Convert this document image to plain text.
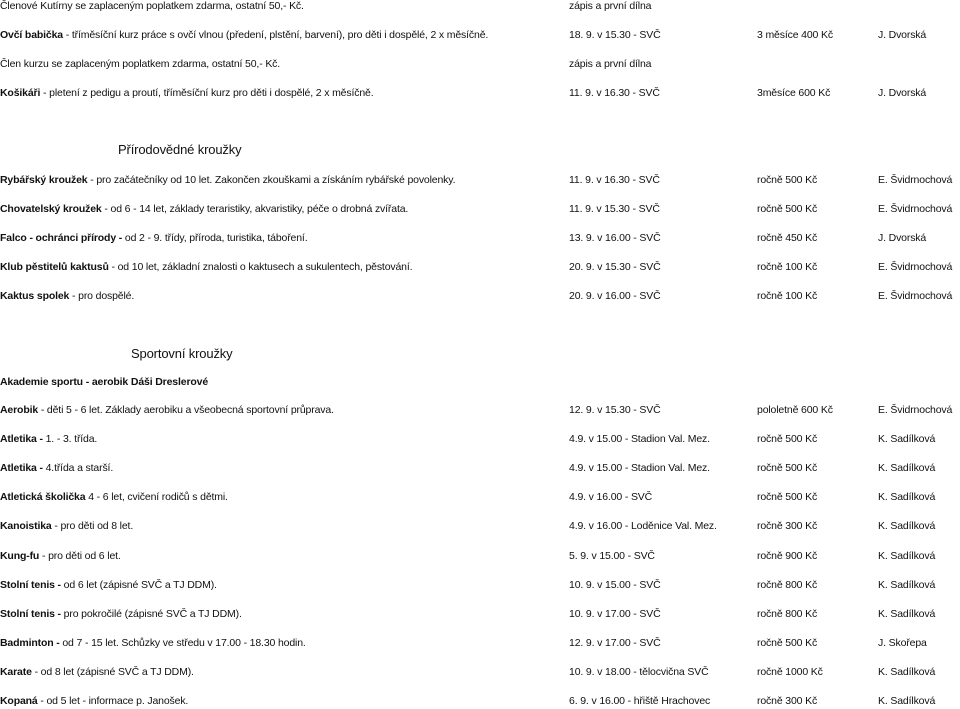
Přírodovědné kroužky
Sportovní kroužky
Akademie sportu - aerobik Dáši Dreslerové
Členové Kutírny se zaplaceným poplatkem zdarma, ostatní 50,- Kč.	zápis a první dílna
Ovčí babička - tříměsíční kurz práce s ovčí vlnou (předení, plstění, barvení), pro děti i dospělé, 2 x měsíčně.	18. 9. v 15.30 - SVČ	3 měsíce 400 Kč	J. Dvorská
Člen kurzu se zaplaceným poplatkem zdarma, ostatní 50,- Kč.	zápis a první dílna
Košikáři - pletení z pedigu a proutí, tříměsíční kurz pro děti i dospělé, 2 x měsíčně.	11. 9. v 16.30 - SVČ	3měsíce 600 Kč	J. Dvorská
Rybářský kroužek - pro začátečníky od 10 let. Zakončen zkouškami a získáním rybářské povolenky.	11. 9. v 16.30 - SVČ	ročně 500 Kč	E. Švidrnochová
Chovatelský kroužek - od 6 - 14 let, základy teraristiky, akvaristiky, péče o drobná zvířata.	11. 9. v 15.30 - SVČ	ročně 500 Kč	E. Švidrnochová
Falco - ochránci přírody - od 2 - 9. třídy, příroda, turistika, táboření.	13. 9. v 16.00 - SVČ	ročně 450 Kč	J. Dvorská
Klub pěstitelů kaktusů - od 10 let, základní znalosti o kaktusech a sukulentech, pěstování.	20. 9. v 15.30 - SVČ	ročně 100 Kč	E. Švidrnochová
Kaktus spolek - pro dospělé.	20. 9. v 16.00 - SVČ	ročně 100 Kč	E. Švidrnochová
Aerobik - děti 5 - 6 let. Základy aerobiku a všeobecná sportovní průprava.	12. 9. v 15.30 - SVČ	pololetně 600 Kč	E. Švidrnochová
Atletika - 1. - 3. třída.	4.9. v 15.00 - Stadion Val. Mez.	ročně 500 Kč	K. Sadílková
Atletika - 4.třída a starší.	4.9. v 15.00 - Stadion Val. Mez.	ročně 500 Kč	K. Sadílková
Atletická školička 4 - 6 let, cvičení rodičů s dětmi.	4.9. v 16.00 - SVČ	ročně 500 Kč	K. Sadílková
Kanoistika - pro děti od 8 let.	4.9. v 16.00 - Loděnice Val. Mez.	ročně 300 Kč	K. Sadílková
Kung-fu - pro děti od 6 let.	5. 9. v 15.00 - SVČ	ročně 900 Kč	K. Sadílková
Stolní tenis - od 6 let (zápisné SVČ a TJ DDM).	10. 9. v 15.00 - SVČ	ročně 800 Kč	K. Sadílková
Stolní tenis - pro pokročilé (zápisné SVČ a TJ DDM).	10. 9. v 17.00 - SVČ	ročně 800 Kč	K. Sadílková
Badminton - od 7 - 15 let. Schůzky ve středu v 17.00 - 18.30 hodin.	12. 9. v 17.00 - SVČ	ročně 500 Kč	J. Skořepa
Karate - od 8 let (zápisné SVČ a TJ DDM).	10. 9. v 18.00 - tělocvična SVČ	ročně 1000 Kč	K. Sadílková
Kopaná - od 5 let - informace p. Janošek.	6. 9. v 16.00 - hřiště Hrachovec	ročně 300 Kč	K. Sadílková
